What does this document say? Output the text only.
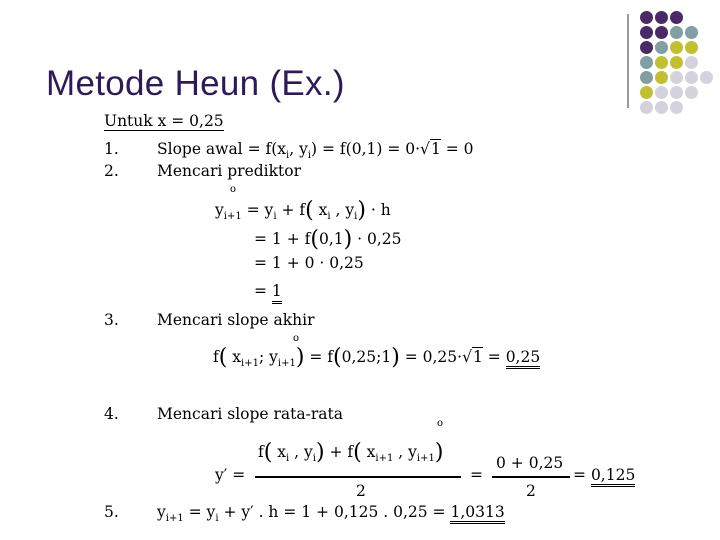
Metode Heun (Ex.)
Untuk x = 0,25
1. Slope awal = $f(x_i$, $y_i) = f(0,1) = 0\cdot√1 = 0$
2. Mencari prediktor
o
$y_{i+1} = y_i + f$( $x_i$ , $y_i) \cdot h$
= 1 + f(0,1) · 0,25
= 1 + 0 · 0,25
= 1
3. Mencari slope akhir
o
f( $x_{i+1}$; $y_{i+1}$) = f(0,25;1) = 0,25·√1 = 0,25
4. Mencari slope rata-rata
o
y′ =
f( $x_i$ , $y_i) + f$( $x_{i+1}$ , $y_{i+1}$)
2
=
0 + 0,25
2
= 0,125
5. $y_{i+1} = y_i + y'$ . h = 1 + 0,125 . 0,25 = 1,0313
